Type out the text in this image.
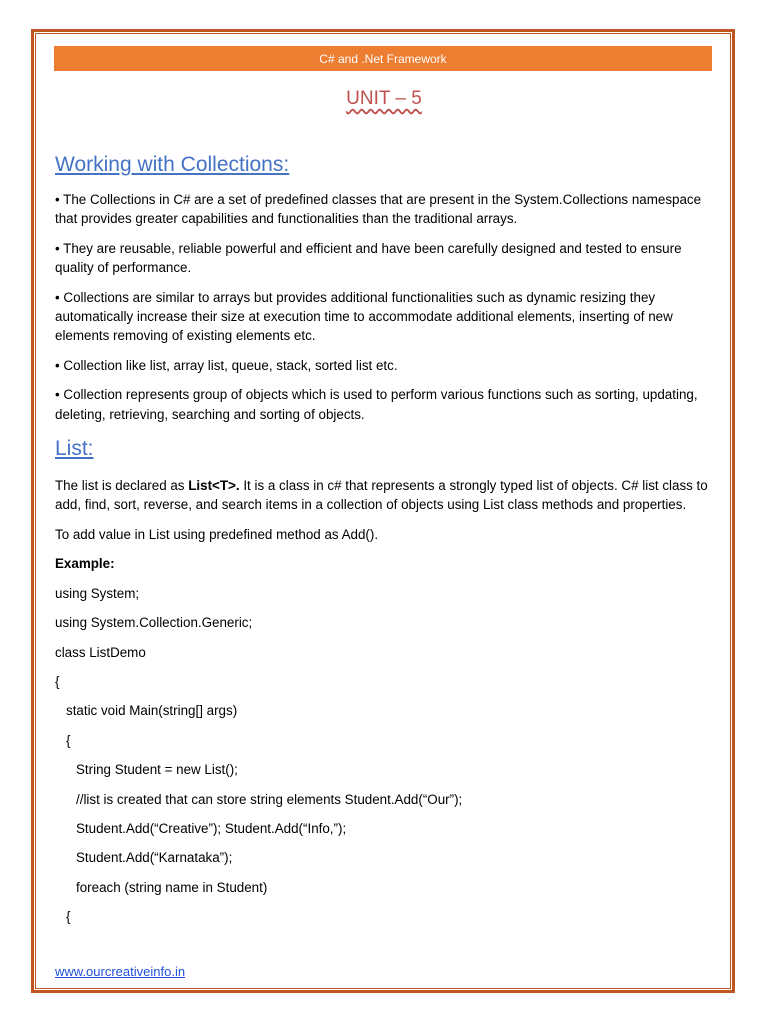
C# and .Net Framework
UNIT – 5
Working with Collections:

• The Collections in C# are a set of predefined classes that are present in the System.Collections namespace that provides greater capabilities and functionalities than the traditional arrays.

• They are reusable, reliable powerful and efficient and have been carefully designed and tested to ensure quality of performance.

• Collections are similar to arrays but provides additional functionalities such as dynamic resizing they automatically increase their size at execution time to accommodate additional elements, inserting of new elements removing of existing elements etc.

• Collection like list, array list, queue, stack, sorted list etc.

• Collection represents group of objects which is used to perform various functions such as sorting, updating, deleting, retrieving, searching and sorting of objects.

List:

The list is declared as List<T>. It is a class in c# that represents a strongly typed list of objects. C# list class to add, find, sort, reverse, and search items in a collection of objects using List class methods and properties.

To add value in List using predefined method as Add().

Example:

using System;

using System.Collection.Generic;

class ListDemo

{

static void Main(string[] args)

{

String Student = new List();

//list is created that can store string elements Student.Add(“Our”);

Student.Add(“Creative”); Student.Add(“Info,”);

Student.Add(“Karnataka”);

foreach (string name in Student)

{

www.ourcreativeinfo.in
